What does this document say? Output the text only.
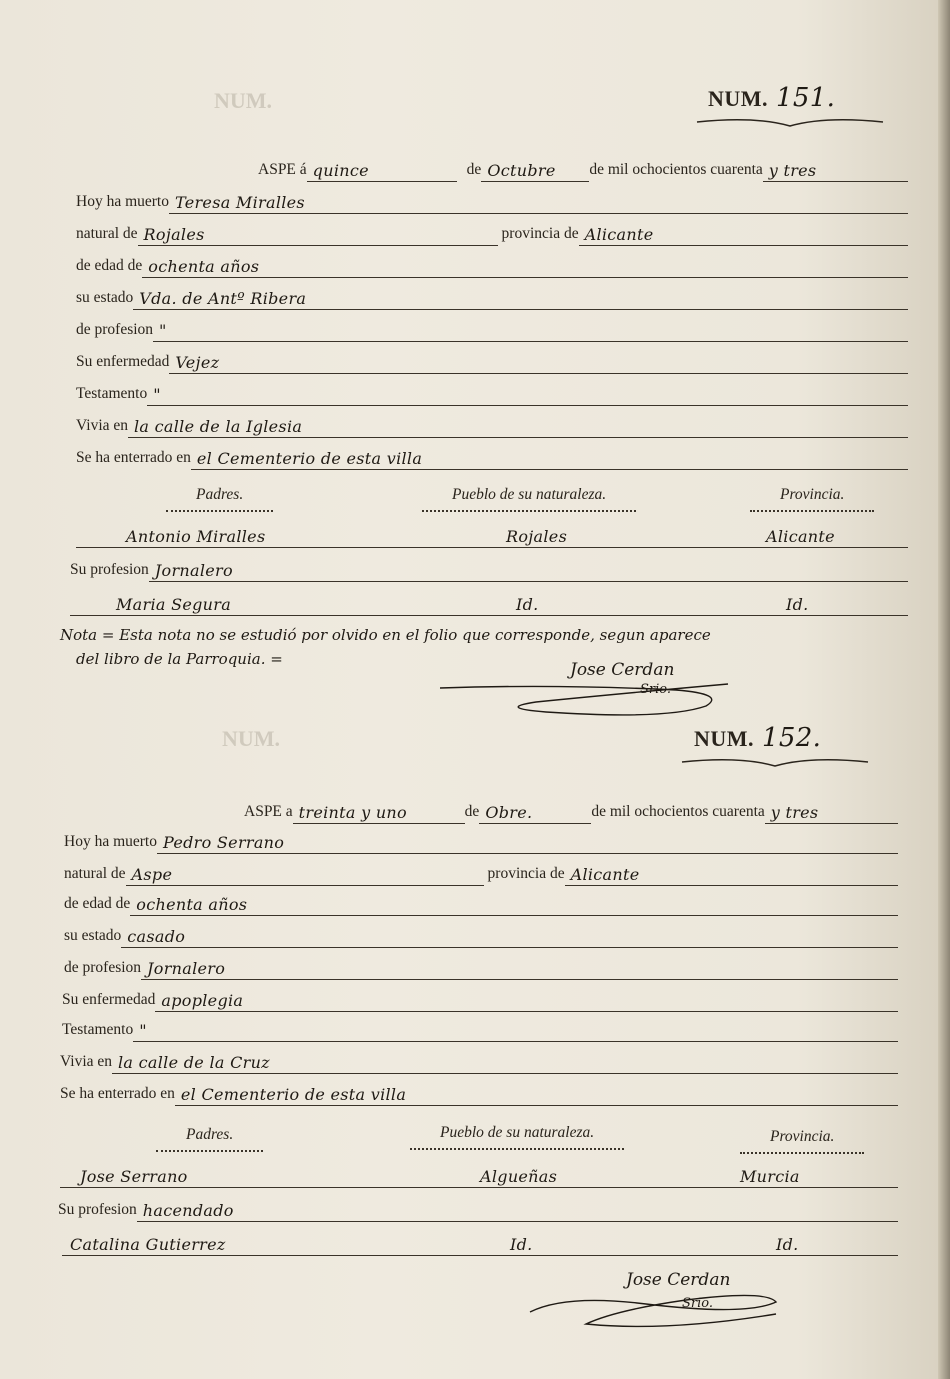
NUM.
NUM.
NUM. 151.
ASPE á quince	de Octubre de mil ochocientos cuarenta y tres
Hoy ha muerto Teresa Miralles
natural de Rojales	provincia de Alicante
de edad de ochenta años
su estado Vda. de Antº Ribera
de profesion "
Su enfermedad Vejez
Testamento "
Vivia en la calle de la Iglesia
Se ha enterrado en el Cementerio de esta villa
Padres.	Pueblo de su naturaleza.	Provincia.
Antonio Miralles	Rojales	Alicante
Su profesion Jornalero
Maria Segura	Id.	Id.
Nota = Esta nota no se estudió por olvido en el folio que corresponde, segun aparece
del libro de la Parroquia. =
Jose Cerdan
Srio.
NUM. 152.
ASPE a treinta y uno	de Obre.	de mil ochocientos cuarenta y tres
Hoy ha muerto Pedro Serrano
natural de Aspe	provincia de Alicante
de edad de ochenta años
su estado casado
de profesion Jornalero
Su enfermedad apoplegia
Testamento "
Vivia en la calle de la Cruz
Se ha enterrado en el Cementerio de esta villa
Padres.	Pueblo de su naturaleza.	Provincia.
Jose Serrano	Algueñas	Murcia
Su profesion hacendado
Catalina Gutierrez	Id.	Id.
Jose Cerdan
Srio.
